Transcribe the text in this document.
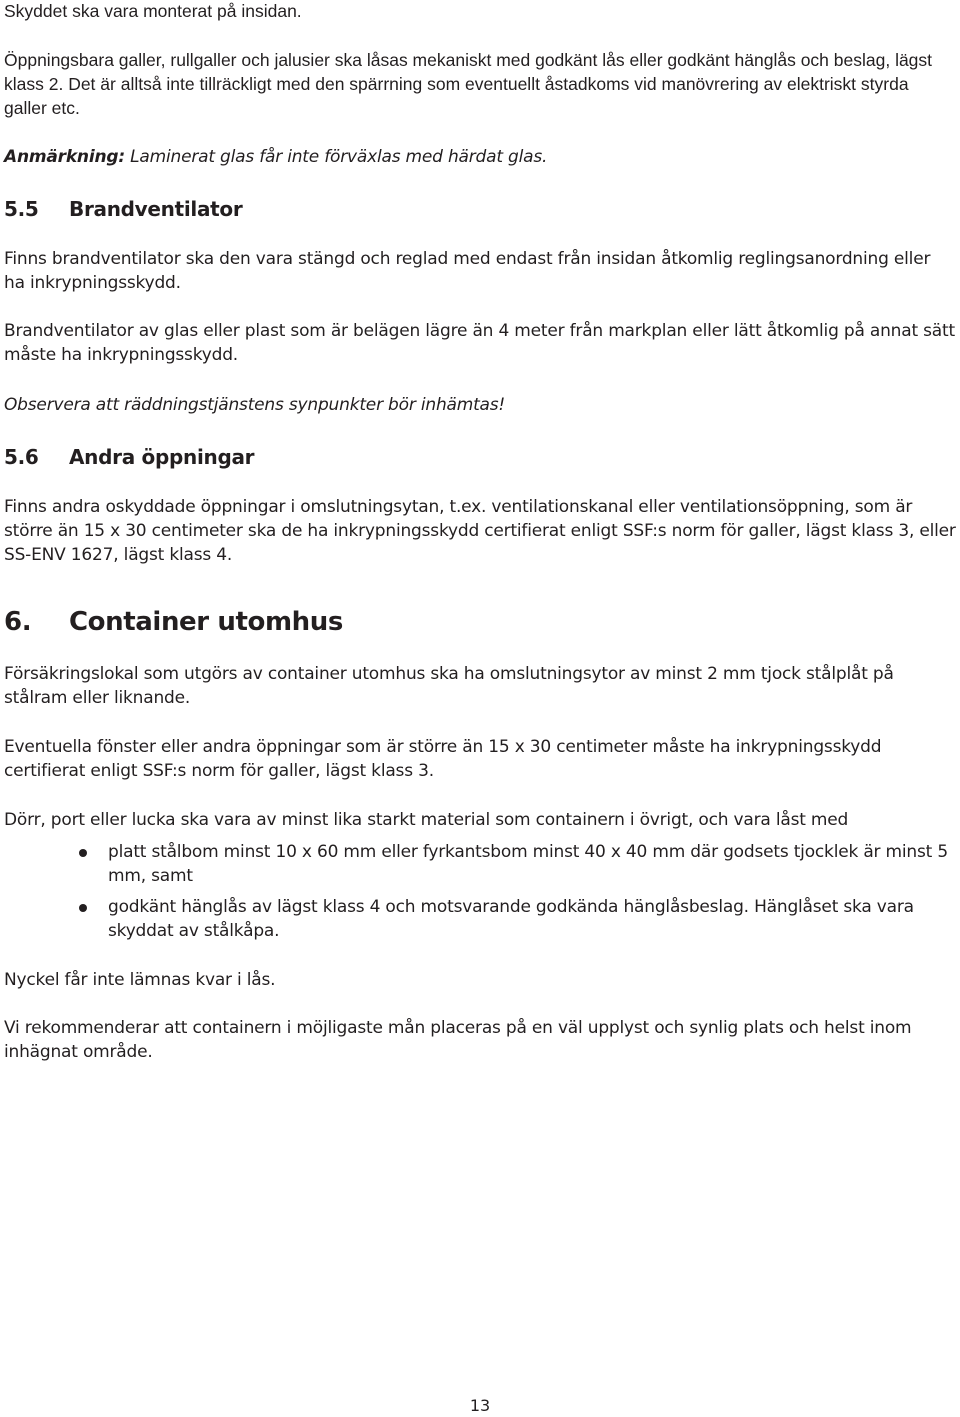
Skyddet ska vara monterat på insidan.

Öppningsbara galler, rullgaller och jalusier ska låsas mekaniskt med godkänt lås eller godkänt hänglås och beslag, lägst klass 2. Det är alltså inte tillräckligt med den spärrning som eventuellt åstadkoms vid manövrering av elektriskt styrda galler etc.

Anmärkning: Laminerat glas får inte förväxlas med härdat glas.

5.5	Brandventilator

Finns brandventilator ska den vara stängd och reglad med endast från insidan åtkomlig reglingsanordning eller ha inkrypningsskydd.

Brandventilator av glas eller plast som är belägen lägre än 4 meter från markplan eller lätt åtkomlig på annat sätt måste ha inkrypningsskydd.

Observera att räddningstjänstens synpunkter bör inhämtas!

5.6	Andra öppningar

Finns andra oskyddade öppningar i omslutningsytan, t.ex. ventilationskanal eller ventilationsöppning, som är större än 15 x 30 centimeter ska de ha inkrypningsskydd certifierat enligt SSF:s norm för galler, lägst klass 3, eller SS-ENV 1627, lägst klass 4.

6.	Container utomhus

Försäkringslokal som utgörs av container utomhus ska ha omslutningsytor av minst 2 mm tjock stålplåt på stålram eller liknande.

Eventuella fönster eller andra öppningar som är större än 15 x 30 centimeter måste ha inkrypningsskydd certifierat enligt SSF:s norm för galler, lägst klass 3.

Dörr, port eller lucka ska vara av minst lika starkt material som containern i övrigt, och vara låst med

platt stålbom minst 10 x 60 mm eller fyrkantsbom minst 40 x 40 mm där godsets tjocklek är minst 5 mm, samt
godkänt hänglås av lägst klass 4 och motsvarande godkända hänglåsbeslag. Hänglåset ska vara skyddat av stålkåpa.

Nyckel får inte lämnas kvar i lås.

Vi rekommenderar att containern i möjligaste mån placeras på en väl upplyst och synlig plats och helst inom inhägnat område.

13
